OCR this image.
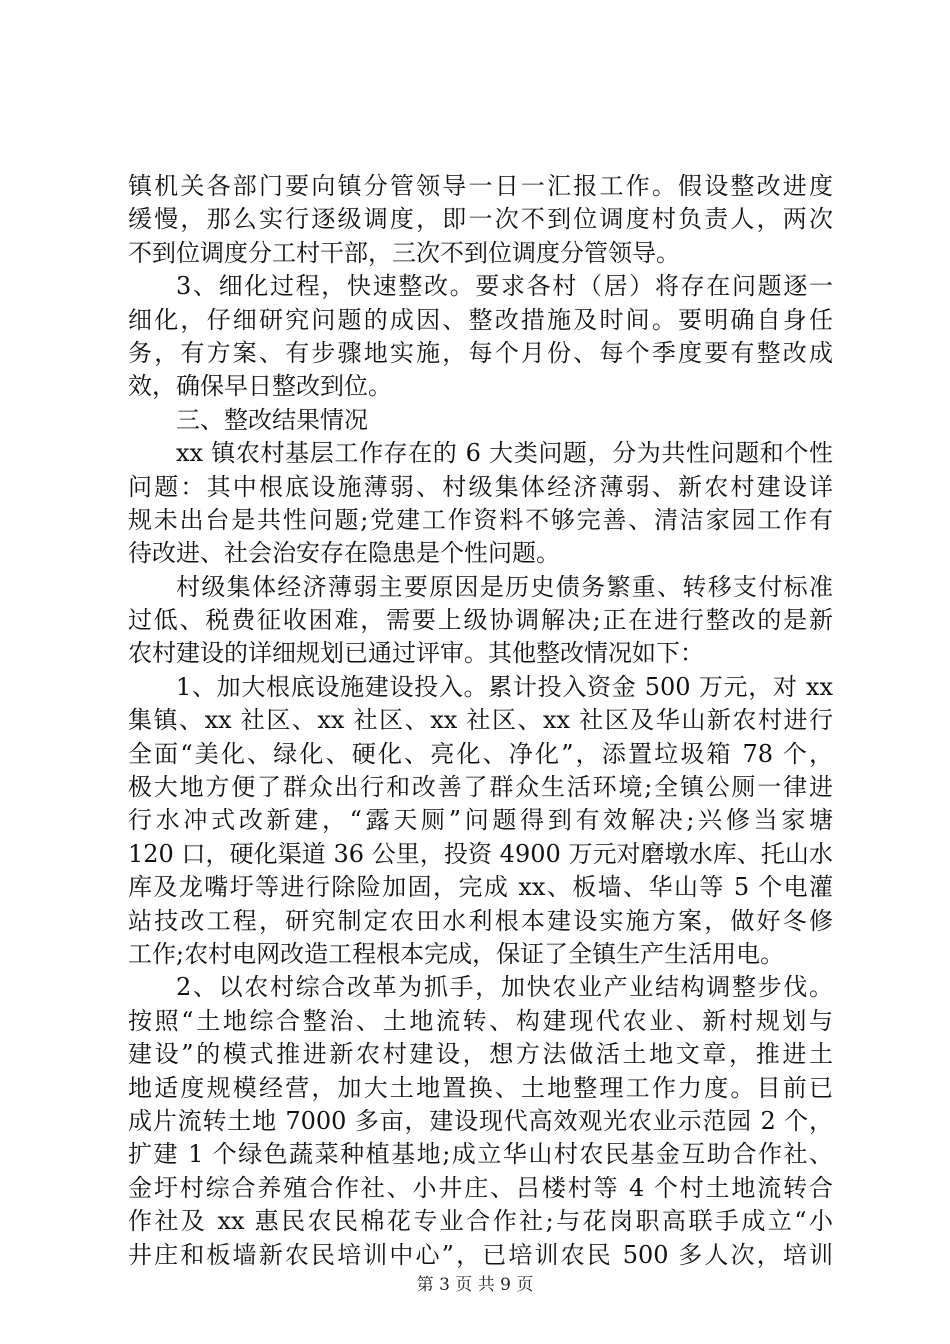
镇机关各部门要向镇分管领导一日一汇报工作。假设整改进度
缓慢，那么实行逐级调度，即一次不到位调度村负责人，两次
不到位调度分工村干部，三次不到位调度分管领导。
3、细化过程，快速整改。要求各村（居）将存在问题逐一
细化，仔细研究问题的成因、整改措施及时间。要明确自身任
务，有方案、有步骤地实施，每个月份、每个季度要有整改成
效，确保早日整改到位。
三、整改结果情况
xx 镇农村基层工作存在的 6 大类问题，分为共性问题和个性
问题：其中根底设施薄弱、村级集体经济薄弱、新农村建设详
规未出台是共性问题;党建工作资料不够完善、清洁家园工作有
待改进、社会治安存在隐患是个性问题。
村级集体经济薄弱主要原因是历史债务繁重、转移支付标准
过低、税费征收困难，需要上级协调解决;正在进行整改的是新
农村建设的详细规划已通过评审。其他整改情况如下：
1、加大根底设施建设投入。累计投入资金 500 万元，对 xx
集镇、xx 社区、xx 社区、xx 社区、xx 社区及华山新农村进行
全面“美化、绿化、硬化、亮化、净化”，添置垃圾箱 78 个，
极大地方便了群众出行和改善了群众生活环境;全镇公厕一律进
行水冲式改新建，“露天厕”问题得到有效解决;兴修当家塘
120 口，硬化渠道 36 公里，投资 4900 万元对磨墩水库、托山水
库及龙嘴圩等进行除险加固，完成 xx、板墙、华山等 5 个电灌
站技改工程，研究制定农田水利根本建设实施方案，做好冬修
工作;农村电网改造工程根本完成，保证了全镇生产生活用电。
2、以农村综合改革为抓手，加快农业产业结构调整步伐。
按照“土地综合整治、土地流转、构建现代农业、新村规划与
建设”的模式推进新农村建设，想方法做活土地文章，推进土
地适度规模经营，加大土地置换、土地整理工作力度。目前已
成片流转土地 7000 多亩，建设现代高效观光农业示范园 2 个，
扩建 1 个绿色蔬菜种植基地;成立华山村农民基金互助合作社、
金圩村综合养殖合作社、小井庄、吕楼村等 4 个村土地流转合
作社及 xx 惠民农民棉花专业合作社;与花岗职高联手成立“小
井庄和板墙新农民培训中心”，已培训农民 500 多人次，培训
第 3 页 共 9 页
